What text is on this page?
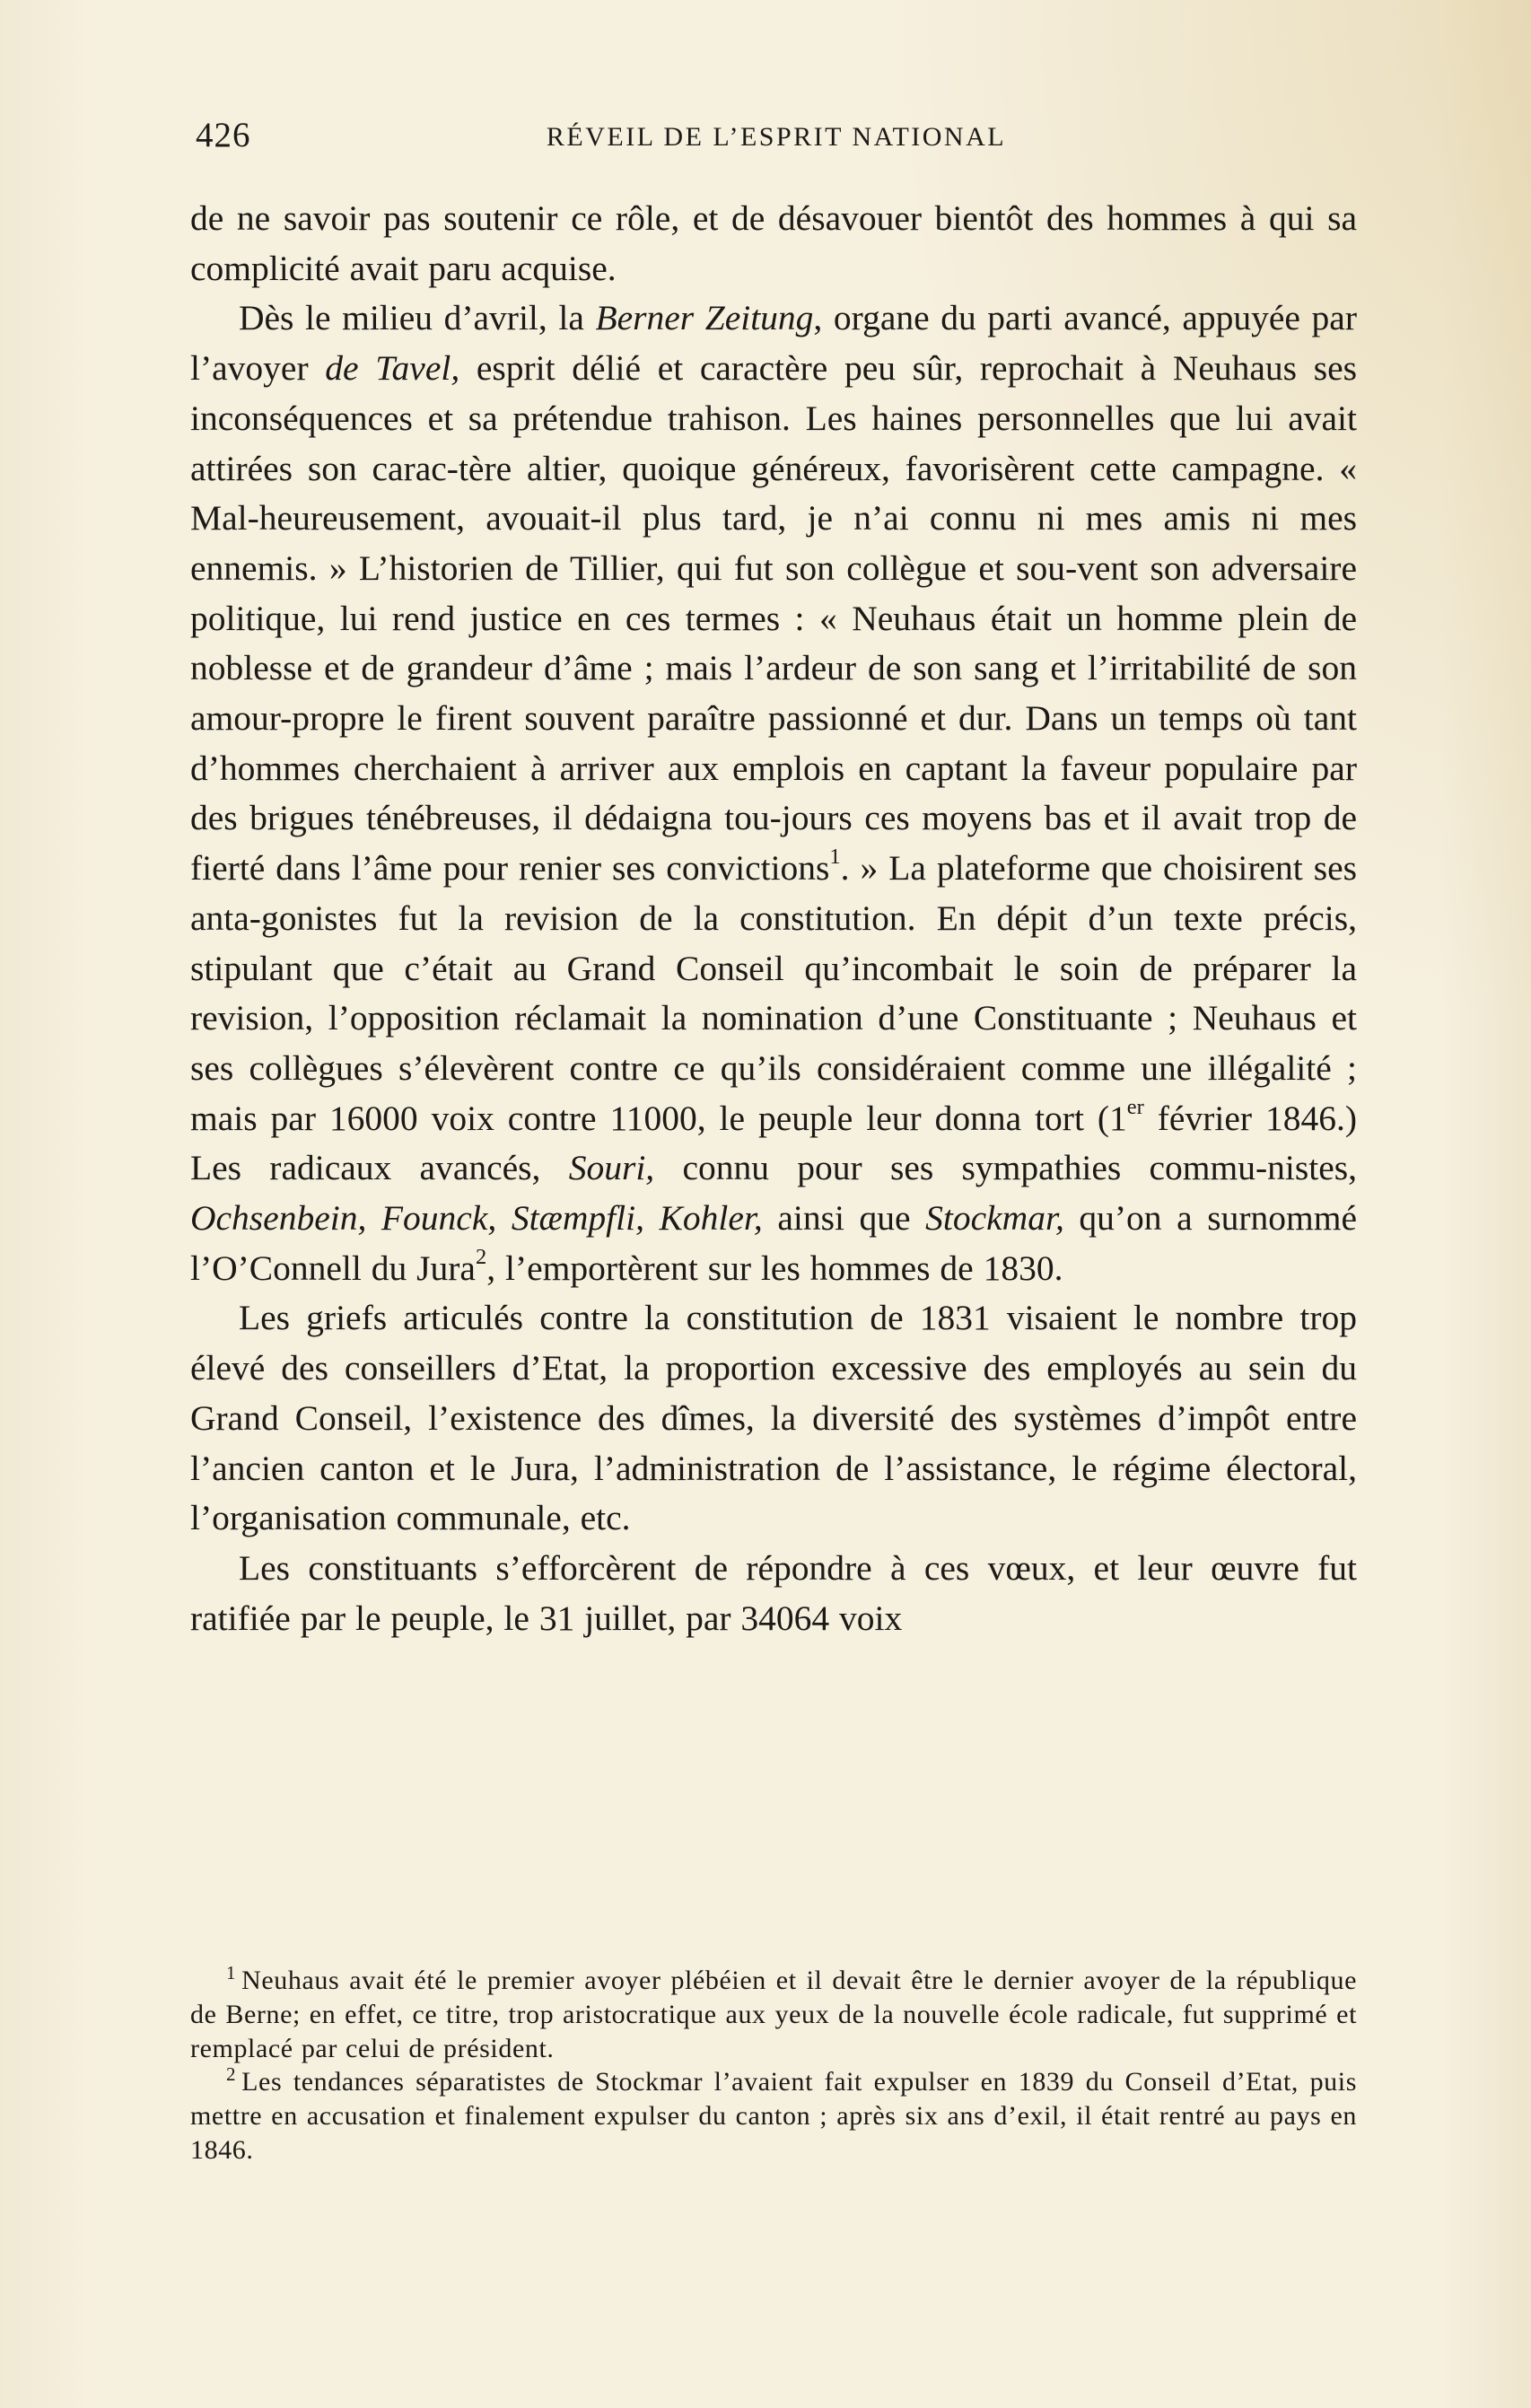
426	RÉVEIL DE L’ESPRIT NATIONAL

de ne savoir pas soutenir ce rôle, et de désavouer bientôt des hommes à qui sa complicité avait paru acquise.

Dès le milieu d’avril, la Berner Zeitung, organe du parti avancé, appuyée par l’avoyer de Tavel, esprit délié et caractère peu sûr, reprochait à Neuhaus ses inconséquences et sa prétendue trahison. Les haines personnelles que lui avait attirées son carac-tère altier, quoique généreux, favorisèrent cette campagne. « Mal-heureusement, avouait-il plus tard, je n’ai connu ni mes amis ni mes ennemis. » L’historien de Tillier, qui fut son collègue et sou-vent son adversaire politique, lui rend justice en ces termes : « Neuhaus était un homme plein de noblesse et de grandeur d’âme ; mais l’ardeur de son sang et l’irritabilité de son amour-propre le firent souvent paraître passionné et dur. Dans un temps où tant d’hommes cherchaient à arriver aux emplois en captant la faveur populaire par des brigues ténébreuses, il dédaigna tou-jours ces moyens bas et il avait trop de fierté dans l’âme pour renier ses convictions$^1$. » La plateforme que choisirent ses anta-gonistes fut la revision de la constitution. En dépit d’un texte précis, stipulant que c’était au Grand Conseil qu’incombait le soin de préparer la revision, l’opposition réclamait la nomination d’une Constituante ; Neuhaus et ses collègues s’élevèrent contre ce qu’ils considéraient comme une illégalité ; mais par 16000 voix contre 11000, le peuple leur donna tort (1er février 1846.) Les radicaux avancés, Souri, connu pour ses sympathies commu-nistes, Ochsenbein, Founck, Stæmpfli, Kohler, ainsi que Stockmar, qu’on a surnommé l’O’Connell du Jura$^2$, l’emportèrent sur les hommes de 1830.

Les griefs articulés contre la constitution de 1831 visaient le nombre trop élevé des conseillers d’Etat, la proportion excessive des employés au sein du Grand Conseil, l’existence des dîmes, la diversité des systèmes d’impôt entre l’ancien canton et le Jura, l’administration de l’assistance, le régime électoral, l’organisation communale, etc.

Les constituants s’efforcèrent de répondre à ces vœux, et leur œuvre fut ratifiée par le peuple, le 31 juillet, par 34064 voix

$^1$ Neuhaus avait été le premier avoyer plébéien et il devait être le dernier avoyer de la république de Berne; en effet, ce titre, trop aristocratique aux yeux de la nouvelle école radicale, fut supprimé et remplacé par celui de président.

$^2$ Les tendances séparatistes de Stockmar l’avaient fait expulser en 1839 du Conseil d’Etat, puis mettre en accusation et finalement expulser du canton ; après six ans d’exil, il était rentré au pays en 1846.
